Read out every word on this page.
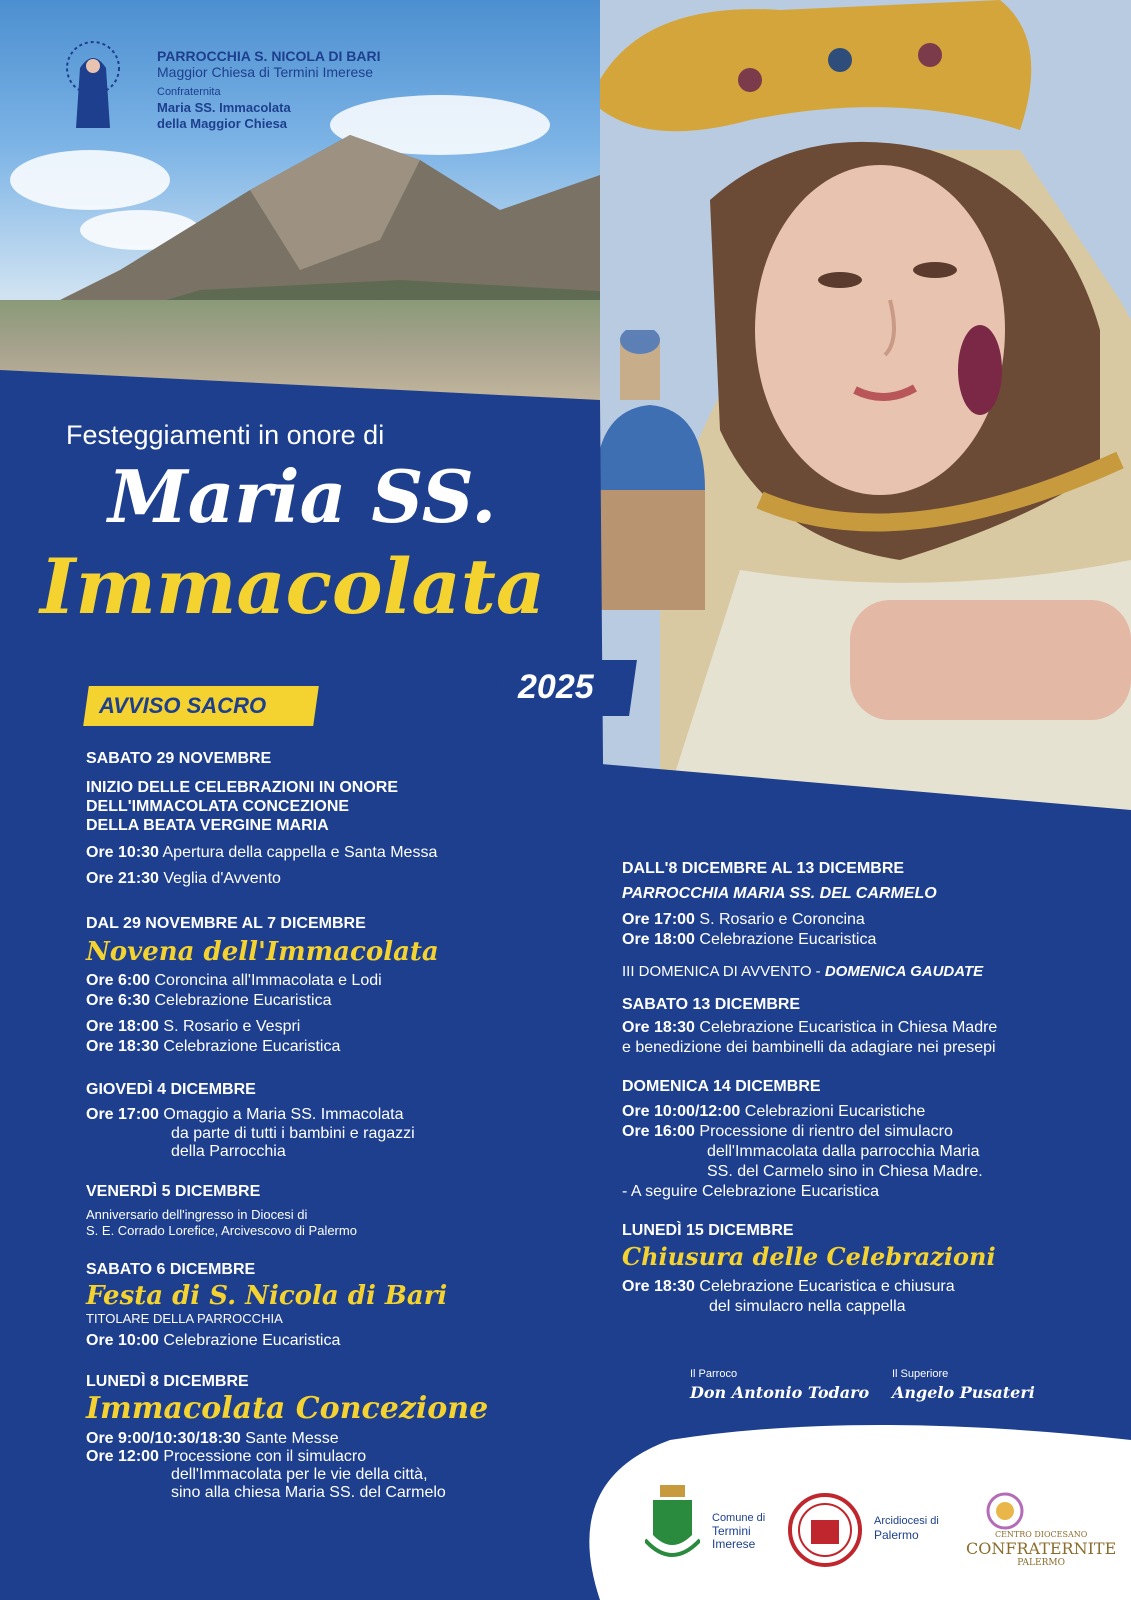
PARROCCHIA S. NICOLA DI BARI
Maggior Chiesa di Termini Imerese
Confraternita
Maria SS. Immacolata
della Maggior Chiesa
Festeggiamenti in onore di
Maria SS.
Immacolata
2025
AVVISO SACRO
SABATO 29 NOVEMBRE
INIZIO DELLE CELEBRAZIONI IN ONORE
DELL'IMMACOLATA CONCEZIONE
DELLA BEATA VERGINE MARIA
Ore 10:30 Apertura della cappella e Santa Messa
Ore 21:30 Veglia d'Avvento
DAL 29 NOVEMBRE AL 7 DICEMBRE
Novena dell'Immacolata
Ore 6:00 Coroncina all'Immacolata e Lodi
Ore 6:30 Celebrazione Eucaristica
Ore 18:00 S. Rosario e Vespri
Ore 18:30 Celebrazione Eucaristica
GIOVEDÌ 4 DICEMBRE
Ore 17:00 Omaggio a Maria SS. Immacolata
da parte di tutti i bambini e ragazzi
della Parrocchia
VENERDÌ 5 DICEMBRE
Anniversario dell'ingresso in Diocesi di
S. E. Corrado Lorefice, Arcivescovo di Palermo
SABATO 6 DICEMBRE
Festa di S. Nicola di Bari
TITOLARE DELLA PARROCCHIA
Ore 10:00 Celebrazione Eucaristica
LUNEDÌ 8 DICEMBRE
Immacolata Concezione
Ore 9:00/10:30/18:30 Sante Messe
Ore 12:00 Processione con il simulacro
dell'Immacolata per le vie della città,
sino alla chiesa Maria SS. del Carmelo
DALL'8 DICEMBRE AL 13 DICEMBRE
PARROCCHIA MARIA SS. DEL CARMELO
Ore 17:00 S. Rosario e Coroncina
Ore 18:00 Celebrazione Eucaristica
III DOMENICA DI AVVENTO - DOMENICA GAUDATE
SABATO 13 DICEMBRE
Ore 18:30 Celebrazione Eucaristica in Chiesa Madre
e benedizione dei bambinelli da adagiare nei presepi
DOMENICA 14 DICEMBRE
Ore 10:00/12:00 Celebrazioni Eucaristiche
Ore 16:00 Processione di rientro del simulacro
dell'Immacolata dalla parrocchia Maria
SS. del Carmelo sino in Chiesa Madre.
- A seguire Celebrazione Eucaristica
LUNEDÌ 15 DICEMBRE
Chiusura delle Celebrazioni
Ore 18:30 Celebrazione Eucaristica e chiusura
del simulacro nella cappella
Il Parroco
Don Antonio Todaro
Il Superiore
Angelo Pusateri
Comune di
Termini
Imerese
Arcidiocesi di
Palermo	CENTRO DIOCESANO
CONFRATERNITE
PALERMO
